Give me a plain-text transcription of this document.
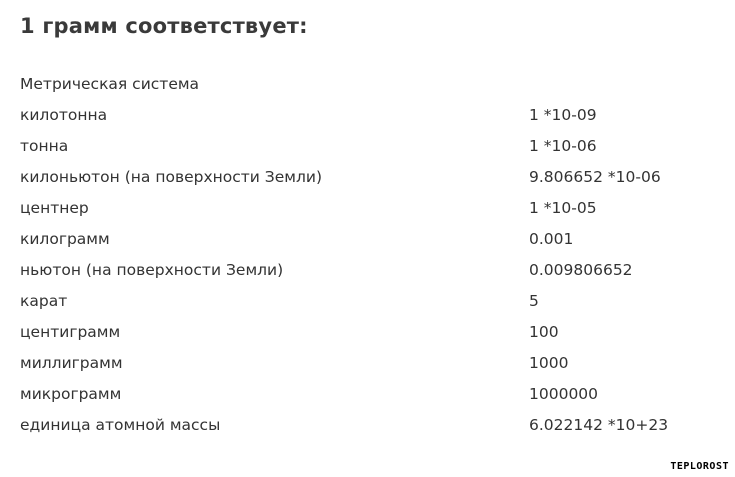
1 грамм соответствует:
Метрическая система
килотонна	1 *10-09
тонна	1 *10-06
килоньютон (на поверхности Земли)	9.806652 *10-06
центнер	1 *10-05
килограмм	0.001
ньютон (на поверхности Земли)	0.009806652
карат	5
центиграмм	100
миллиграмм	1000
микрограмм	1000000
единица атомной массы	6.022142 *10+23
TEPLOROST
